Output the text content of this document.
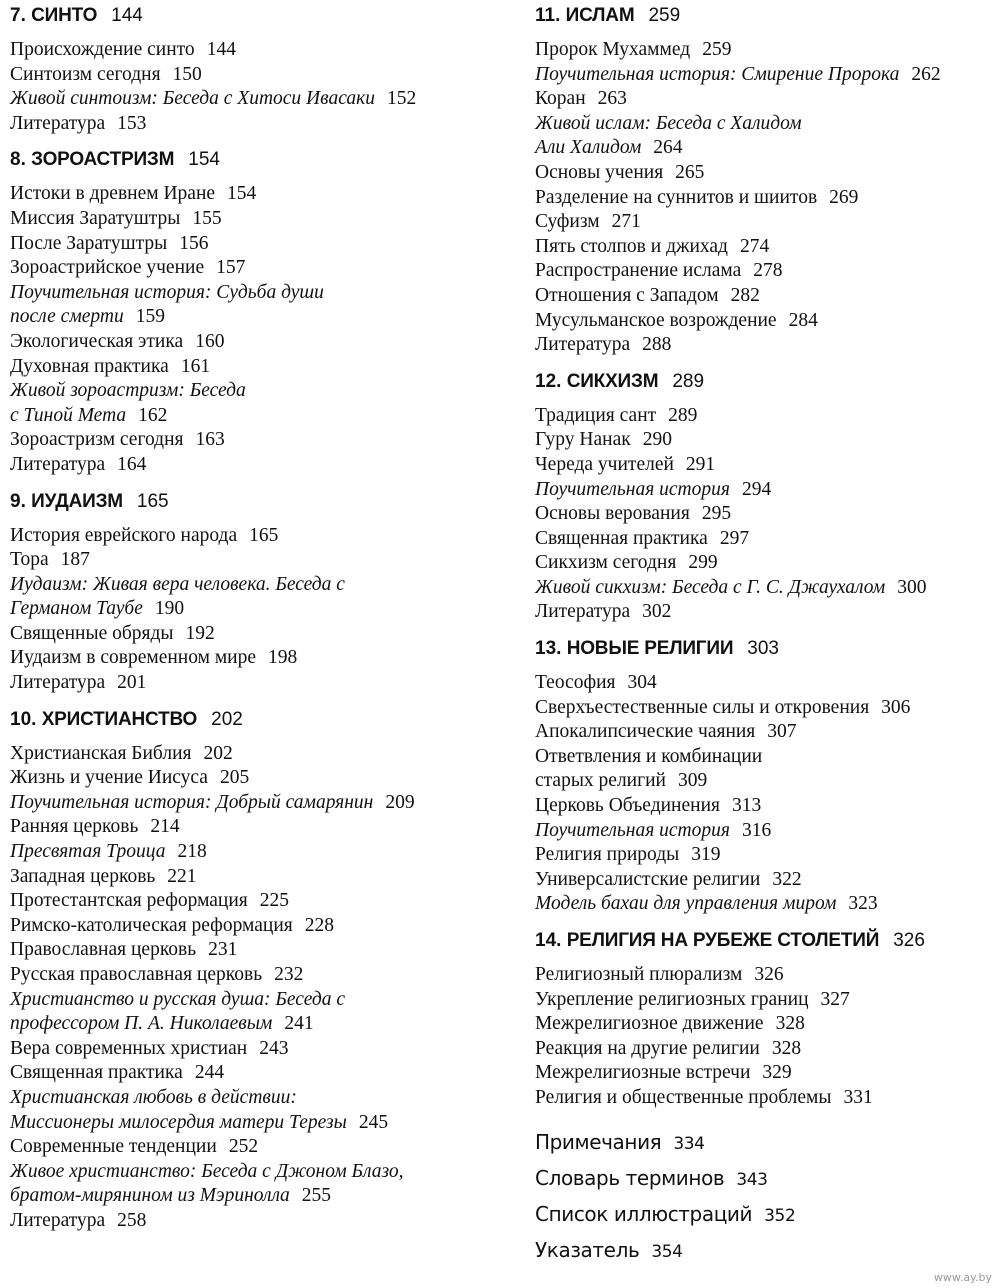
7. СИНТО 144
Происхождение синто 144
Синтоизм сегодня 150
Живой синтоизм: Беседа с Хитоси Ивасаки 152
Литература 153
8. ЗОРОАСТРИЗМ 154
Истоки в древнем Иране 154
Миссия Заратуштры 155
После Заратуштры 156
Зороастрийское учение 157
Поучительная история: Судьба души
после смерти 159
Экологическая этика 160
Духовная практика 161
Живой зороастризм: Беседа
с Тиной Мета 162
Зороастризм сегодня 163
Литература 164
9. ИУДАИЗМ 165
История еврейского народа 165
Тора 187
Иудаизм: Живая вера человека. Беседа с
Германом Таубе 190
Священные обряды 192
Иудаизм в современном мире 198
Литература 201
10. ХРИСТИАНСТВО 202
Христианская Библия 202
Жизнь и учение Иисуса 205
Поучительная история: Добрый самарянин 209
Ранняя церковь 214
Пресвятая Троица 218
Западная церковь 221
Протестантская реформация 225
Римско-католическая реформация 228
Православная церковь 231
Русская православная церковь 232
Христианство и русская душа: Беседа с
профессором П. А. Николаевым 241
Вера современных христиан 243
Священная практика 244
Христианская любовь в действии:
Миссионеры милосердия матери Терезы 245
Современные тенденции 252
Живое христианство: Беседа с Джоном Блазо,
братом-мирянином из Мэриноллa 255
Литература 258
11. ИСЛАМ 259
Пророк Мухаммед 259
Поучительная история: Смирение Пророка 262
Коран 263
Живой ислам: Беседа с Халидом
Али Халидом 264
Основы учения 265
Разделение на суннитов и шиитов 269
Суфизм 271
Пять столпов и джихад 274
Распространение ислама 278
Отношения с Западом 282
Мусульманское возрождение 284
Литература 288
12. СИКХИЗМ 289
Традиция сант 289
Гуру Нанак 290
Череда учителей 291
Поучительная история 294
Основы верования 295
Священная практика 297
Сикхизм сегодня 299
Живой сикхизм: Беседа с Г. С. Джаухалом 300
Литература 302
13. НОВЫЕ РЕЛИГИИ 303
Теософия 304
Сверхъестественные силы и откровения 306
Апокалипсические чаяния 307
Ответвления и комбинации
старых религий 309
Церковь Объединения 313
Поучительная история 316
Религия природы 319
Универсалистские религии 322
Модель бахаи для управления миром 323
14. РЕЛИГИЯ НА РУБЕЖЕ СТОЛЕТИЙ 326
Религиозный плюрализм 326
Укрепление религиозных границ 327
Межрелигиозное движение 328
Реакция на другие религии 328
Межрелигиозные встречи 329
Религия и общественные проблемы 331
Примечания 334
Словарь терминов 343
Список иллюстраций 352
Указатель 354
www.ay.by
